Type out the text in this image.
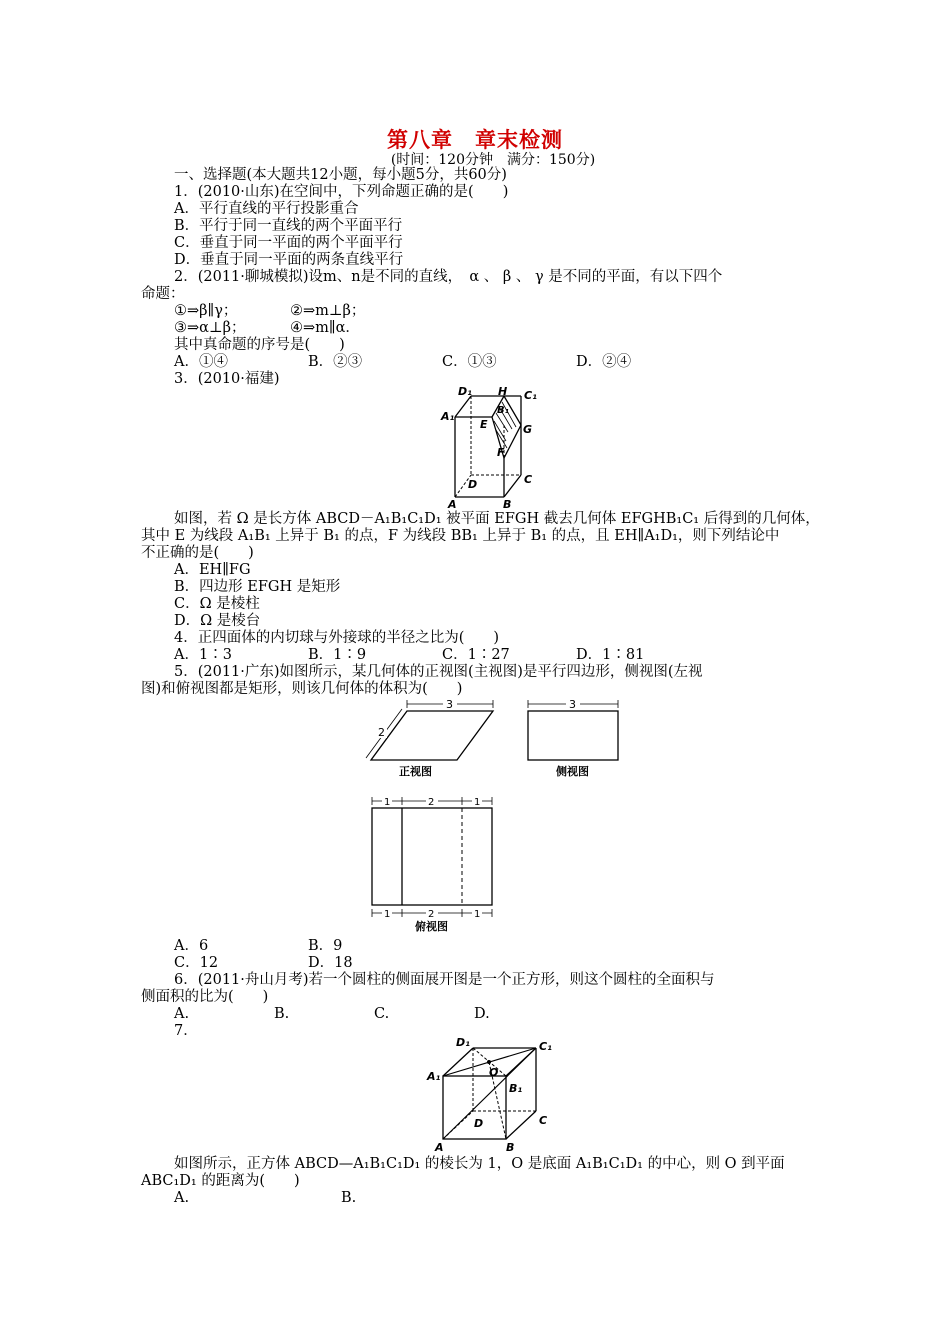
第八章　章末检测
(时间：120分钟　满分：150分)
一、选择题(本大题共12小题，每小题5分，共60分)
1．(2010·山东)在空间中，下列命题正确的是(　　)
A．平行直线的平行投影重合
B．平行于同一直线的两个平面平行
C．垂直于同一平面的两个平面平行
D．垂直于同一平面的两条直线平行
2．(2011·聊城模拟)设m、n是不同的直线，　α 、 β 、 γ 是不同的平面，有以下四个
命题：
①⇒β∥γ；	②⇒m⊥β；
③⇒α⊥β；	④⇒m∥α．
其中真命题的序号是(　　)
A．①④	B．②③	C．①③	D．②④
3．(2010·福建)
D₁ H C₁
A₁	B₁
E	G
F
D	C
A	B
如图，若 Ω 是长方体 ABCD－A₁B₁C₁D₁ 被平面 EFGH 截去几何体 EFGHB₁C₁ 后得到的几何体，
其中 E 为线段 A₁B₁ 上异于 B₁ 的点，F 为线段 BB₁ 上异于 B₁ 的点，且 EH∥A₁D₁，则下列结论中
不正确的是(　　)
A．EH∥FG
B．四边形 EFGH 是矩形
C．Ω 是棱柱
D．Ω 是棱台
4．正四面体的内切球与外接球的半径之比为(　　)
A．1∶3	B．1∶9	C．1∶27	D．1∶81
5．(2011·广东)如图所示，某几何体的正视图(主视图)是平行四边形，侧视图(左视
图)和俯视图都是矩形，则该几何体的体积为(　　)
3
2
正视图
3
侧视图
1	2	1
1	2	1
俯视图
A．6	B．9
C．12	D．18
6．(2011·舟山月考)若一个圆柱的侧面展开图是一个正方形，则这个圆柱的全面积与
侧面积的比为(　　)
A.	B.	C.	D.
7．
D₁	C₁
A₁	O
B₁
D	C
A	B
如图所示，正方体 ABCD—A₁B₁C₁D₁ 的棱长为 1，O 是底面 A₁B₁C₁D₁ 的中心，则 O 到平面
ABC₁D₁ 的距离为(　　)
A.	B.
